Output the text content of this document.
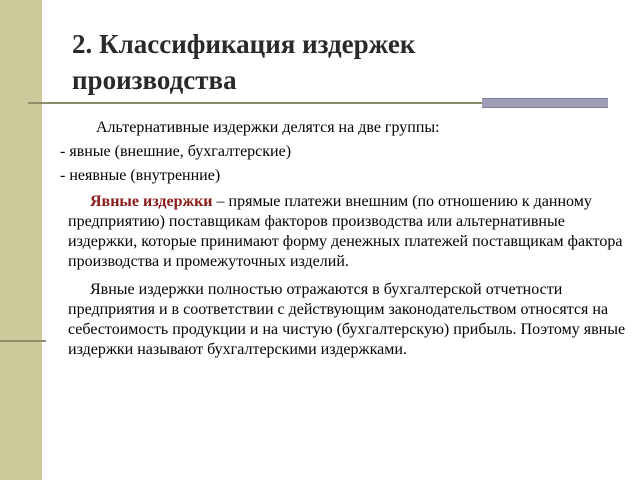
2. Классификация издержек
производства

Альтернативные издержки делятся на две группы:

- явные (внешние, бухгалтерские)

- неявные (внутренние)

Явные издержки – прямые платежи внешним (по отношению к данному предприятию) поставщикам факторов производства или альтернативные издержки, которые принимают форму денежных платежей поставщикам фактора производства и промежуточных изделий.

Явные издержки полностью отражаются в бухгалтерской отчетности предприятия и в соответствии с действующим законодательством относятся на себестоимость продукции и на чистую (бухгалтерскую) прибыль. Поэтому явные издержки называют бухгалтерскими издержками.
